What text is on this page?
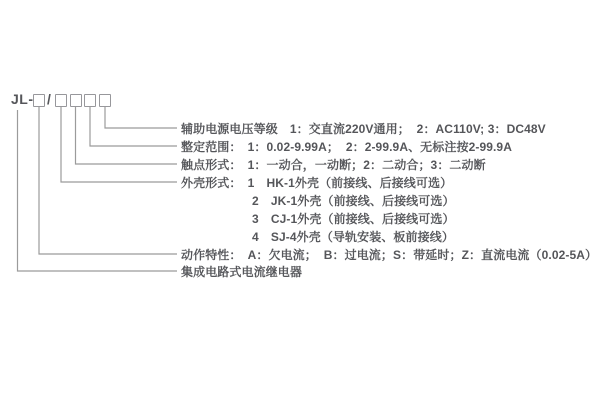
JL- /
辅助电源电压等级　1：交直流220V通用；  2：AC110V; 3：DC48V
整定范围：　1：0.02-9.99A；  2：2-99.9A、无标注按2-99.9A
触点形式：　1：一动合，一动断；2：二动合；3：二动断
外壳形式：　1　HK-1外壳（前接线、后接线可选）
2　JK-1外壳（前接线、后接线可选）
3　CJ-1外壳（前接线、后接线可选）
4　SJ-4外壳（导轨安装、板前接线）
动作特性：　A：欠电流；  B：过电流；S：带延时；Z：直流电流（0.02-5A）
集成电路式电流继电器
